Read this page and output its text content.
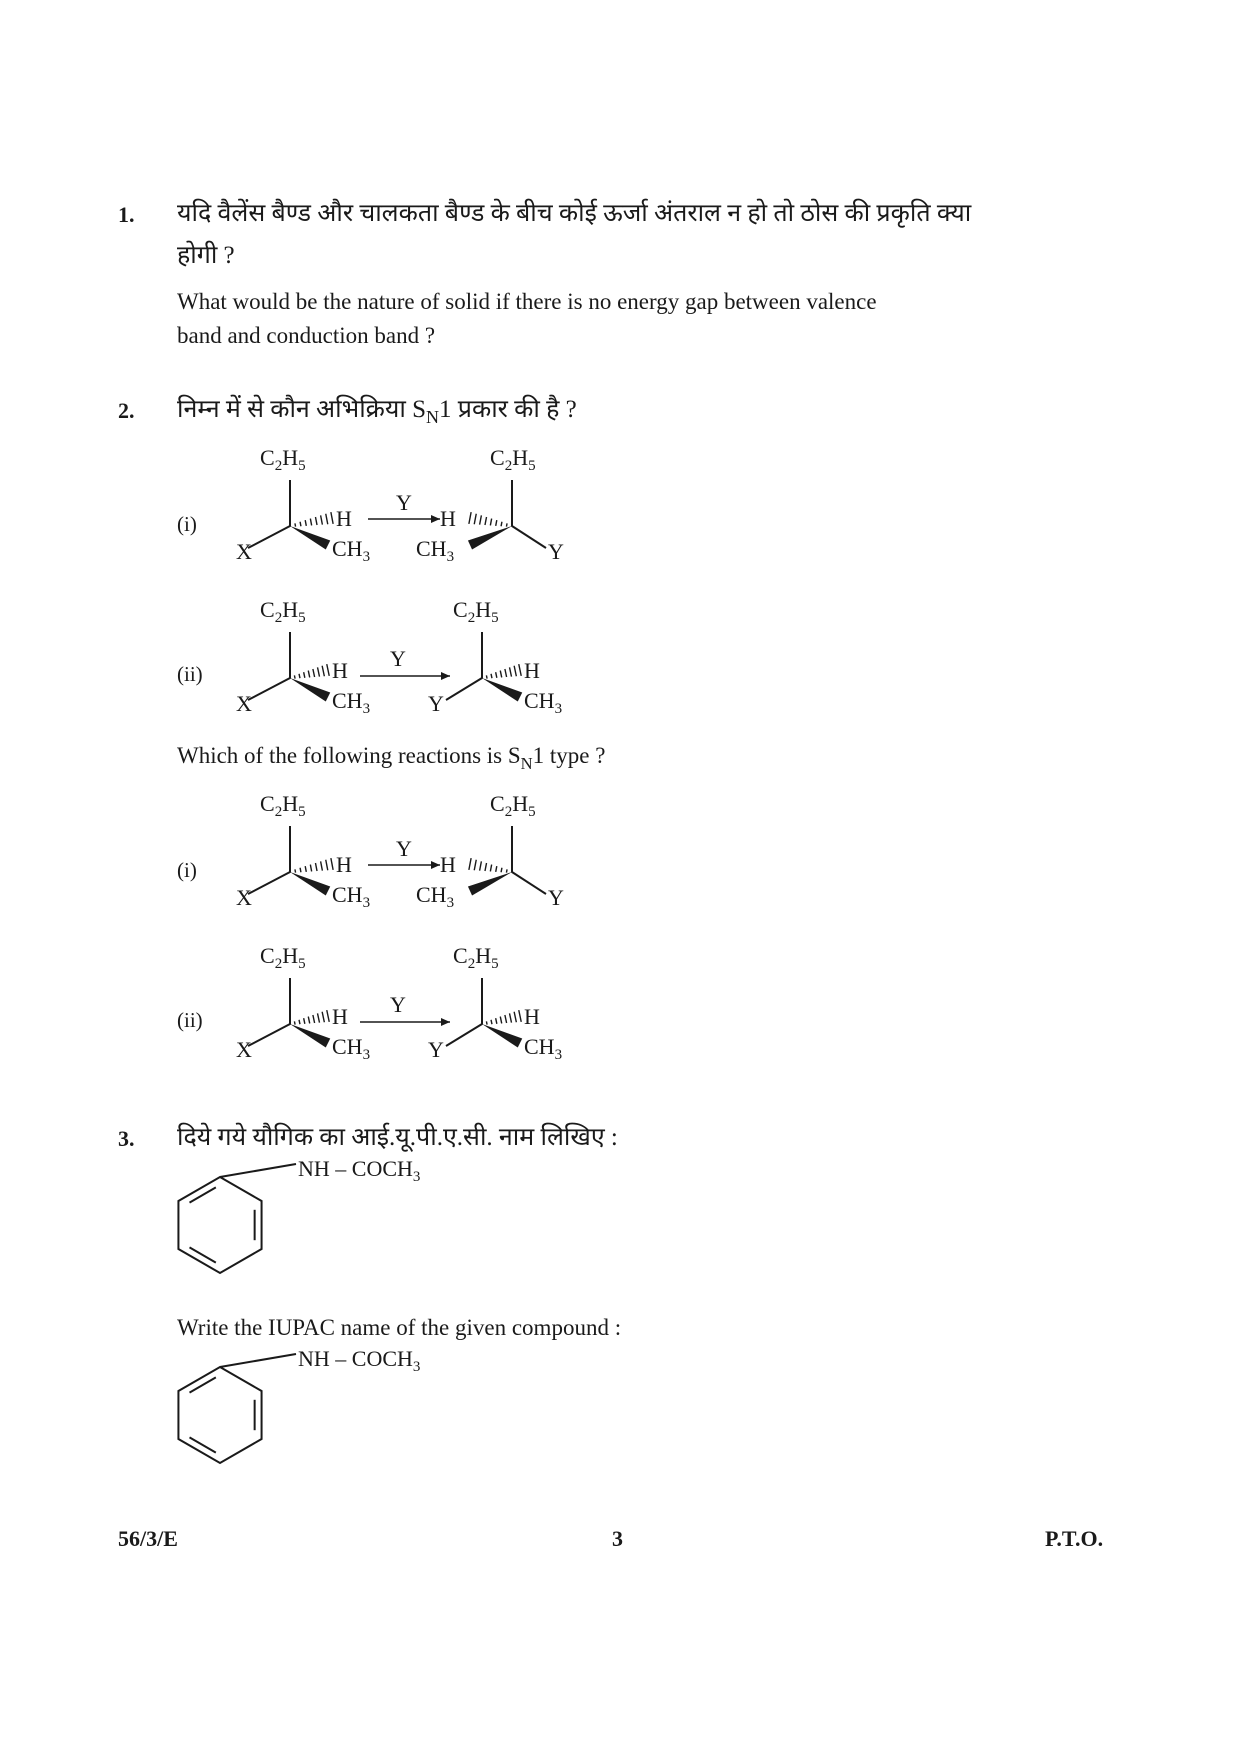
1. यदि वैलेंस बैण्ड और चालकता बैण्ड के बीच कोई ऊर्जा अंतराल न हो तो ठोस की प्रकृति क्या
होगी ?
What would be the nature of solid if there is no energy gap between valence
band and conduction band ?
2. निम्न में से कौन अभिक्रिया $S_N1$ प्रकार की है ?
(i)
$C_2H_5$
X
H
$CH_3$
Y
H
$C_2H_5$
$CH_3$	Y
(ii)
$C_2H_5$
X
H
$CH_3$
Y
$C_2H_5$
Y
H
$CH_3$
Which of the following reactions is $S_N1$ type ?
(i)
$C_2H_5$
X
H
$CH_3$
Y
H
$C_2H_5$
$CH_3$	Y
(ii)
$C_2H_5$
X
H
$CH_3$
Y
$C_2H_5$
Y
H
$CH_3$
3. दिये गये यौगिक का आई.यू.पी.ए.सी. नाम लिखिए :
NH – $COCH_3$
Write the IUPAC name of the given compound :
NH – $COCH_3$
56/3/E	3	P.T.O.
